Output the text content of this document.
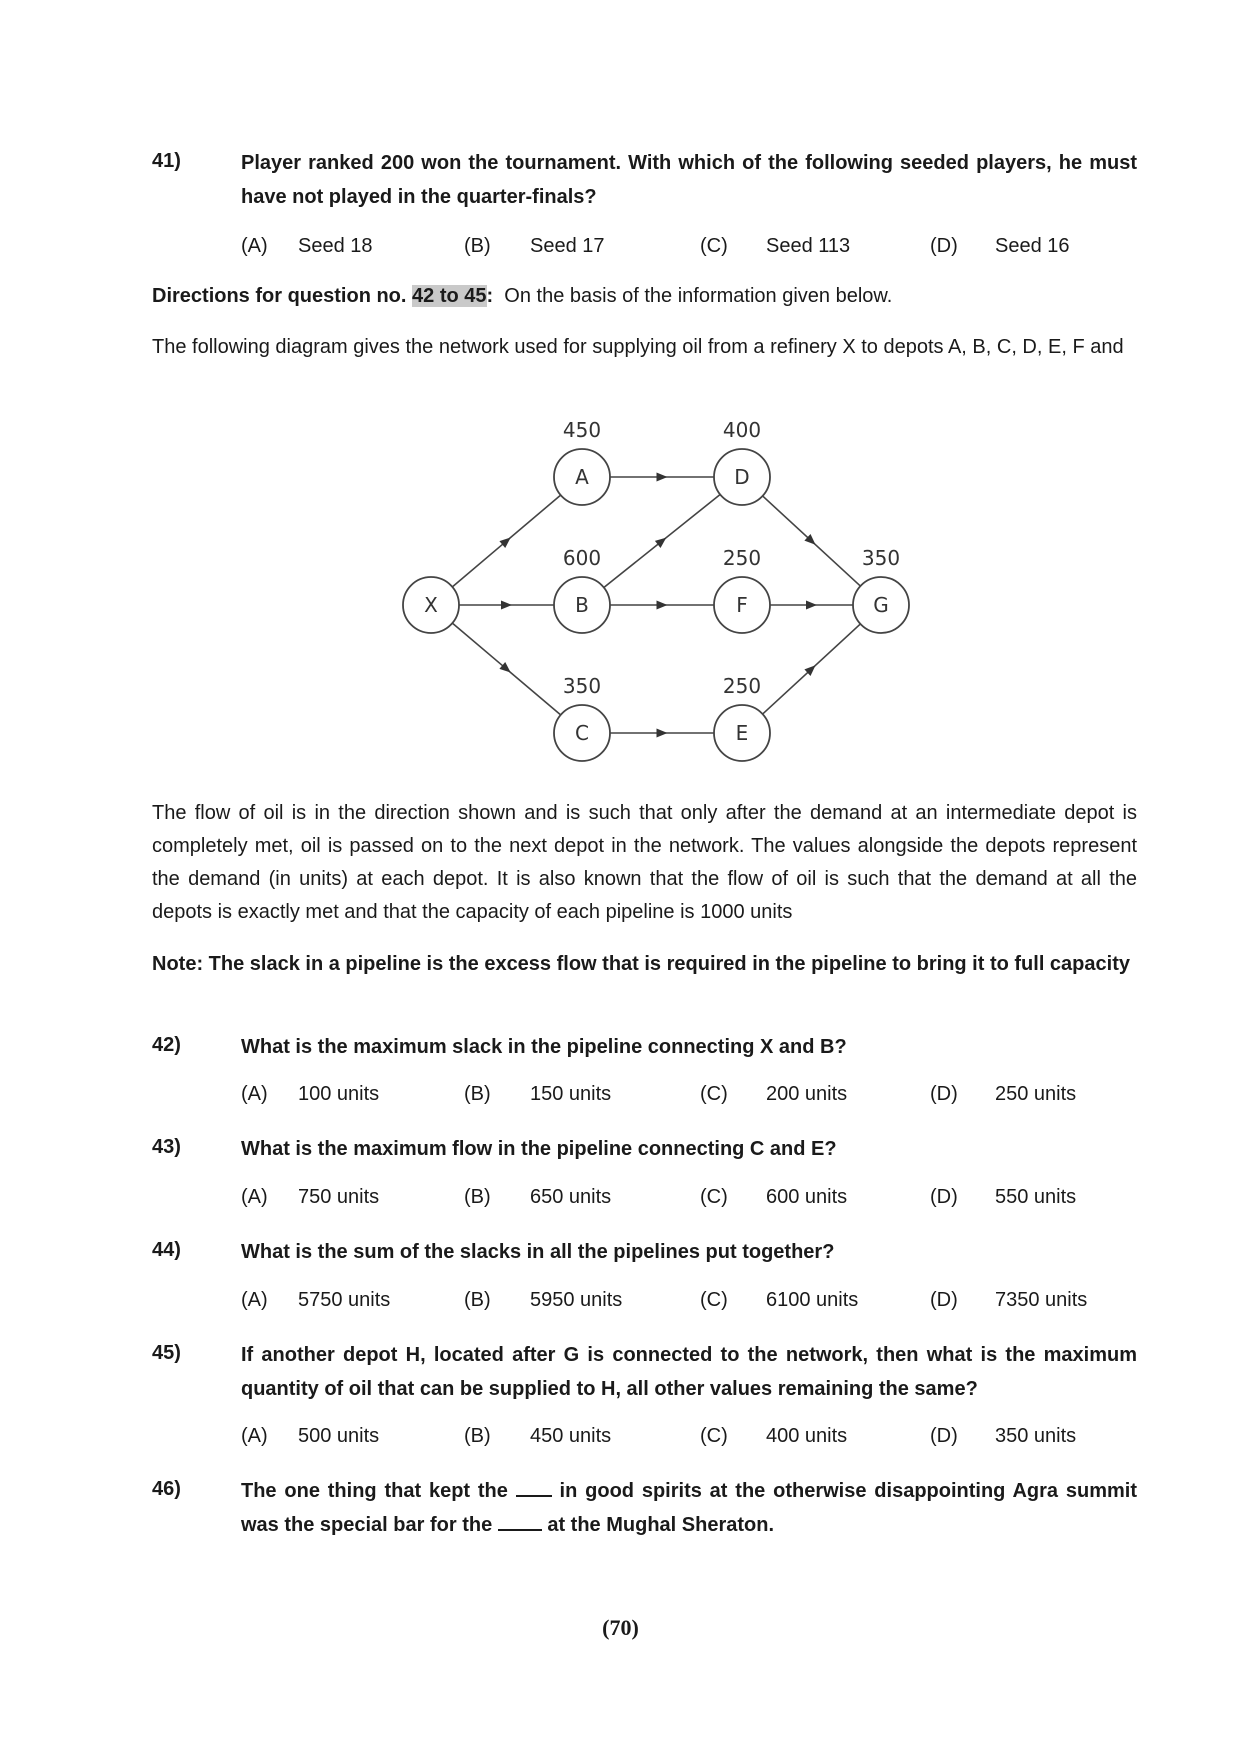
41)	Player ranked 200 won the tournament. With which of the following seeded players, he must have not played in the quarter-finals?
(A) Seed 18	(B) Seed 17	(C) Seed 113	(D) Seed 16
Directions for question no. 42 to 45: On the basis of the information given below.
The following diagram gives the network used for supplying oil from a refinery X to depots A, B, C, D, E, F and
X
A
450
B
600
C
350
D
400
F
250
E
250
G
350
The flow of oil is in the direction shown and is such that only after the demand at an intermediate depot is completely met, oil is passed on to the next depot in the network. The values alongside the depots represent the demand (in units) at each depot. It is also known that the flow of oil is such that the demand at all the depots is exactly met and that the capacity of each pipeline is 1000 units
Note: The slack in a pipeline is the excess flow that is required in the pipeline to bring it to full capacity
42)	What is the maximum slack in the pipeline connecting X and B?
(A) 100 units	(B) 150 units	(C) 200 units	(D) 250 units
43)	What is the maximum flow in the pipeline connecting C and E?
(A) 750 units	(B) 650 units	(C) 600 units	(D) 550 units
44)	What is the sum of the slacks in all the pipelines put together?
(A) 5750 units	(B) 5950 units	(C) 6100 units	(D) 7350 units
45)	If another depot H, located after G is connected to the network, then what is the maximum quantity of oil that can be supplied to H, all other values remaining the same?
(A) 500 units	(B) 450 units	(C) 400 units	(D) 350 units
46)	The one thing that kept the	in good spirits at the otherwise disappointing Agra summit was the special bar for the	at the Mughal Sheraton.
(70)
